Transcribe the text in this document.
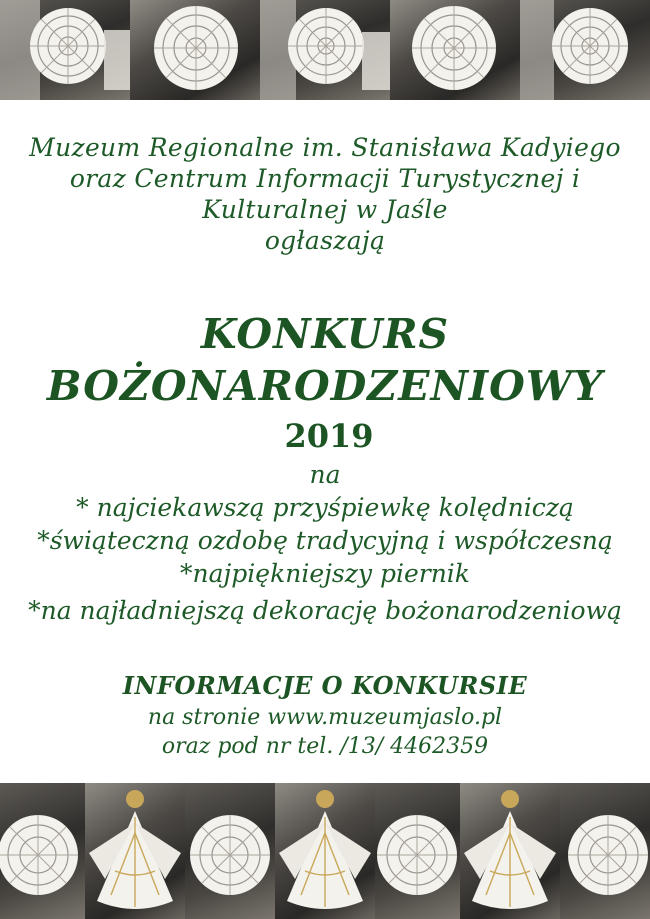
Muzeum Regionalne im. Stanisława Kadyiego
oraz Centrum Informacji Turystycznej i
Kulturalnej w Jaśle
ogłaszają
KONKURS
BOŻONARODZENIOWY
2019
na
* najciekawszą przyśpiewkę kolędniczą
*świąteczną ozdobę tradycyjną i współczesną
*najpiękniejszy piernik
*na najładniejszą dekorację bożonarodzeniową
INFORMACJE O KONKURSIE
na stronie www.muzeumjaslo.pl
oraz pod nr tel. /13/ 4462359
